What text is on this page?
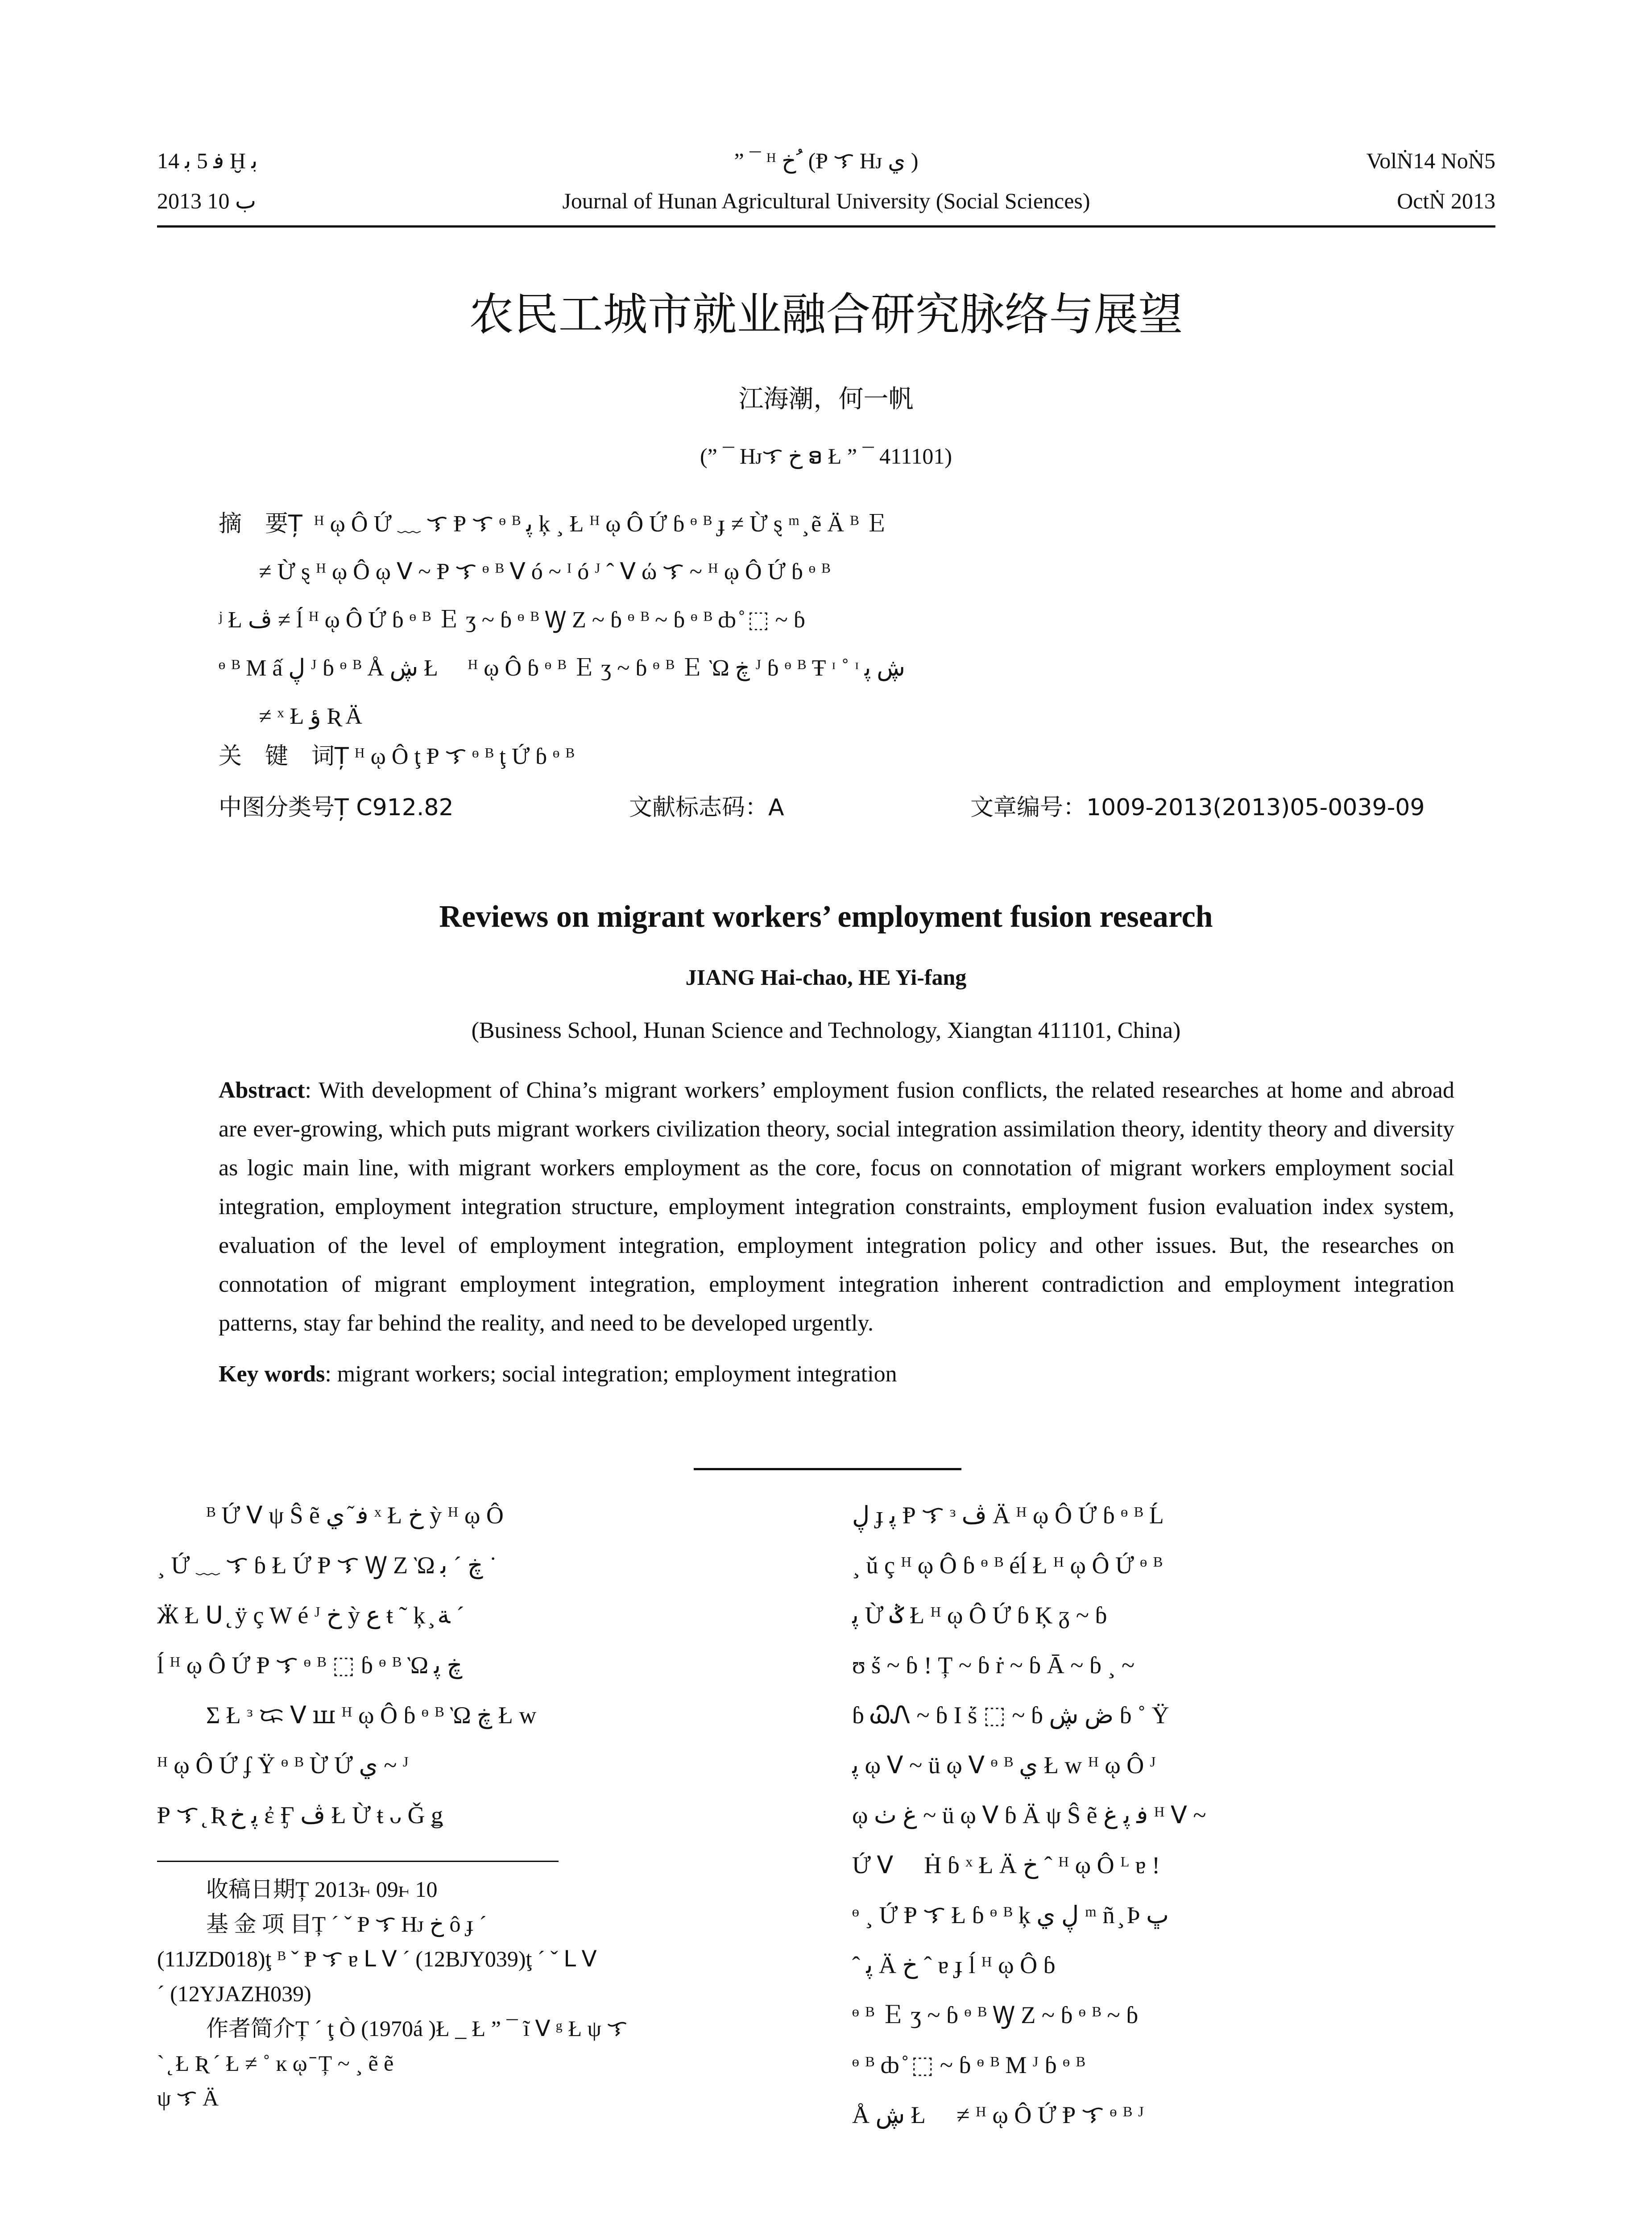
ﻓ 5 ﺑ 14 Ḫ ﺑ	” ¯ ᴴ ﺥ ُ (Ᵽ ᜎ Hᴊ ي )	VolṄ14 NoṄ5
2013 ﺏ 10	Journal of Hunan Agricultural University (Social Sciences)	OctṄ 2013
农民工城市就业融合研究脉络与展望
江海潮，何一帆
(” ¯ Hᴊᜎ ﺥ ອ Ł ” ¯ 411101)
摘　要Ț ᴴ ῳ Ô Ứ ﹏ ᜎ Ᵽ ᜎ ᶱ ᴮ ﭘ ķ ¸ Ł ᴴ ῳ Ô Ứ ɓ ᶱ ᴮ ɟ ≠ Ừ ȿ ᵐ ̧ ẽ Ä ᴮ Ｅ
≠ Ừ ȿ ᴴ ῳ Ô ῳ ᐯ ~ Ᵽ ᜎ ᶱ ᴮ ᐯ ó ~ ᴵ ó ᴶ ˆ ᐯ ώ ᜎ ~ ᴴ ῳ Ô Ứ ɓ ᶱ ᴮ
ʲ Ł ڤ ≠ ĺ ᴴ ῳ Ô Ứ ɓ ᶱ ᴮ Ｅ ʒ ~ ɓ ᶱ ᴮ Ꝡ Z ~ ɓ ᶱ ᴮ ~ ɓ ᶱ ᴮ ȸ ̊ ⬚ ~ ɓ
ᶱ ᴮ M ấ ڸ ᴶ ɓ ᶱ ᴮ Å ڜ Ł ᷟ ᴴ ῳ Ô ɓ ᶱ ᴮ Ｅ ʒ ~ ɓ ᶱ ᴮ Ｅ Ὼ ڿ ᴶ ɓ ᶱ ᴮ Ŧ ᶦ ˚ ᶦ ڜ ﭘ
≠ ˣ Ł ؤ Ʀ Ä
关　键　词Ț ᴴ ῳ Ô ţ Ᵽ ᜎ ᶱ ᴮ ţ Ứ ɓ ᶱ ᴮ
中图分类号Ț C912.82	文献标志码：A	文章编号：1009-2013(2013)05-0039-09
Reviews on migrant workers’ employment fusion research
JIANG Hai-chao, HE Yi-fang
(Business School, Hunan Science and Technology, Xiangtan 411101, China)
Abstract: With development of China’s migrant workers’ employment fusion conflicts, the related researches at home and abroad are ever-growing, which puts migrant workers civilization theory, social integration assimilation theory, identity theory and diversity as logic main line, with migrant workers employment as the core, focus on connotation of migrant workers employment social integration, employment integration structure, employment integration constraints, employment fusion evaluation index system, evaluation of the level of employment integration, employment integration policy and other issues. But, the researches on connotation of migrant employment integration, employment integration inherent contradiction and employment integration patterns, stay far behind the reality, and need to be developed urgently.
Key words: migrant workers; social integration; employment integration
ᴮ Ứ ᐯ ψ Ŝ ẽ ﻓ ᷉ ي ˣ Ł ﺥ ỳ ᴴ ῳ Ô
¸ Ứ ﹏ ᜎ ɓ Ł Ứ Ᵽ ᜎ Ꝡ Z Ὼ ڿ ˊ ﺑ ˙
Ӝ Ł ᑌ ̨ ÿ ç W é ᴶ ﺥ ỳ ﻉ ŧ ˜ ķ ̧ ﺔ ˊ
ĺ ᴴ ῳ Ô Ứ Ᵽ ᜎ ᶱ ᴮ ⬚ ɓ ᶱ ᴮ Ὼ ڿ ﭘ
Σ Ł ᶟ ᜍ ᐯ ꟺ ᴴ ῳ Ô ɓ ᶱ ᴮ Ὼ ڿ Ł ᴡ
ᴴ ῳ Ô Ứ ʄ Ÿ ᶱ ᴮ Ừ Ứ ي ~ ᴶ
Ᵽ ᜎ ̨ Ʀ ﭘ ﺥ ἐ Ӻ ڤ Ł Ừ ŧ ᴗ Ǧ ǥ
ڸ ɟ ﭘ Ᵽ ᜎ ᶟ ڤ Ä ᴴ ῳ Ô Ứ ɓ ᶱ ᴮ Ĺ
¸ ǔ ç ᴴ ῳ Ô ɓ ᶱ ᴮ éĺ Ł ᴴ ῳ Ô Ứ ᶱ ᴮ
ﭘ Ừ ݣ Ł ᴴ ῳ Ô Ứ ɓ Ķ ᵹ ~ ɓ
ʊ ṥ ~ ɓ ! Ț ~ ɓ ṙ ~ ɓ Ā ~ ɓ ¸ ~
ɓ ᏇᏁ ~ ɓ I ṥ ⬚ ~ ɓ ڞ ڜ ɓ ˚ Ÿ
ﭘ ῳ ᐯ ~ ü ῳ ᐯ ᶱ ᴮ ي Ł ᴡ ᴴ ῳ Ô ᴶ
ῳ ﻍ ٺ ~ ü ῳ ᐯ ɓ Ä ψ Ŝ ẽ ﻓ ﭘ ﻍ ᴴ ᐯ ~
Ứ ᐯ ᷟ Ḣ ɓ ˣ Ł Ä ﺥ ˆ ᴴ ῳ Ô ᴸ ɐ !
ᶱ ¸ Ứ Ᵽ ᜎ Ł ɓ ᶱ ᴮ ķ ڸ ي ᵐ ñ ̧ Þ ڀ
ˆ ﭘ Ä ﺥ ˆ ɐ ɟ ĺ ᴴ ῳ Ô ɓ
ᶱ ᴮ Ｅ ʒ ~ ɓ ᶱ ᴮ Ꝡ Z ~ ɓ ᶱ ᴮ ~ ɓ
ᶱ ᴮ ȸ ̊ ⬚ ~ ɓ ᶱ ᴮ M ᴶ ɓ ᶱ ᴮ
Å ڜ Ł ᷟ ≠ ᴴ ῳ Ô Ứ Ᵽ ᜎ ᶱ ᴮ ᴶ
收稿日期Ț 2013ⱶ 09ⱶ 10
基 金 项 目Ț ˊ ˇ Ᵽ ᜎ Hᴊ ﺥ ô ɟ ˊ
(11JZD018)ţ ᴮ ˇ Ᵽ ᜎ ɐ ᒪ ᐯ ˊ (12BJY039)ţ ˊ ˇ ᒪ ᐯ
ˊ (12YJAZH039)
作者简介Ț ˊ ţ Ò (1970á )Ł _ Ł ” ¯ ĩ ᐯ ᵍ Ł ψ ᜎ
ˋ ̨ Ł Ʀ ˊ Ł ≠ ˚ ĸ ῳ ̄ Ț ~ ¸ ẽ ẽ
ψ ᜎ Ä
